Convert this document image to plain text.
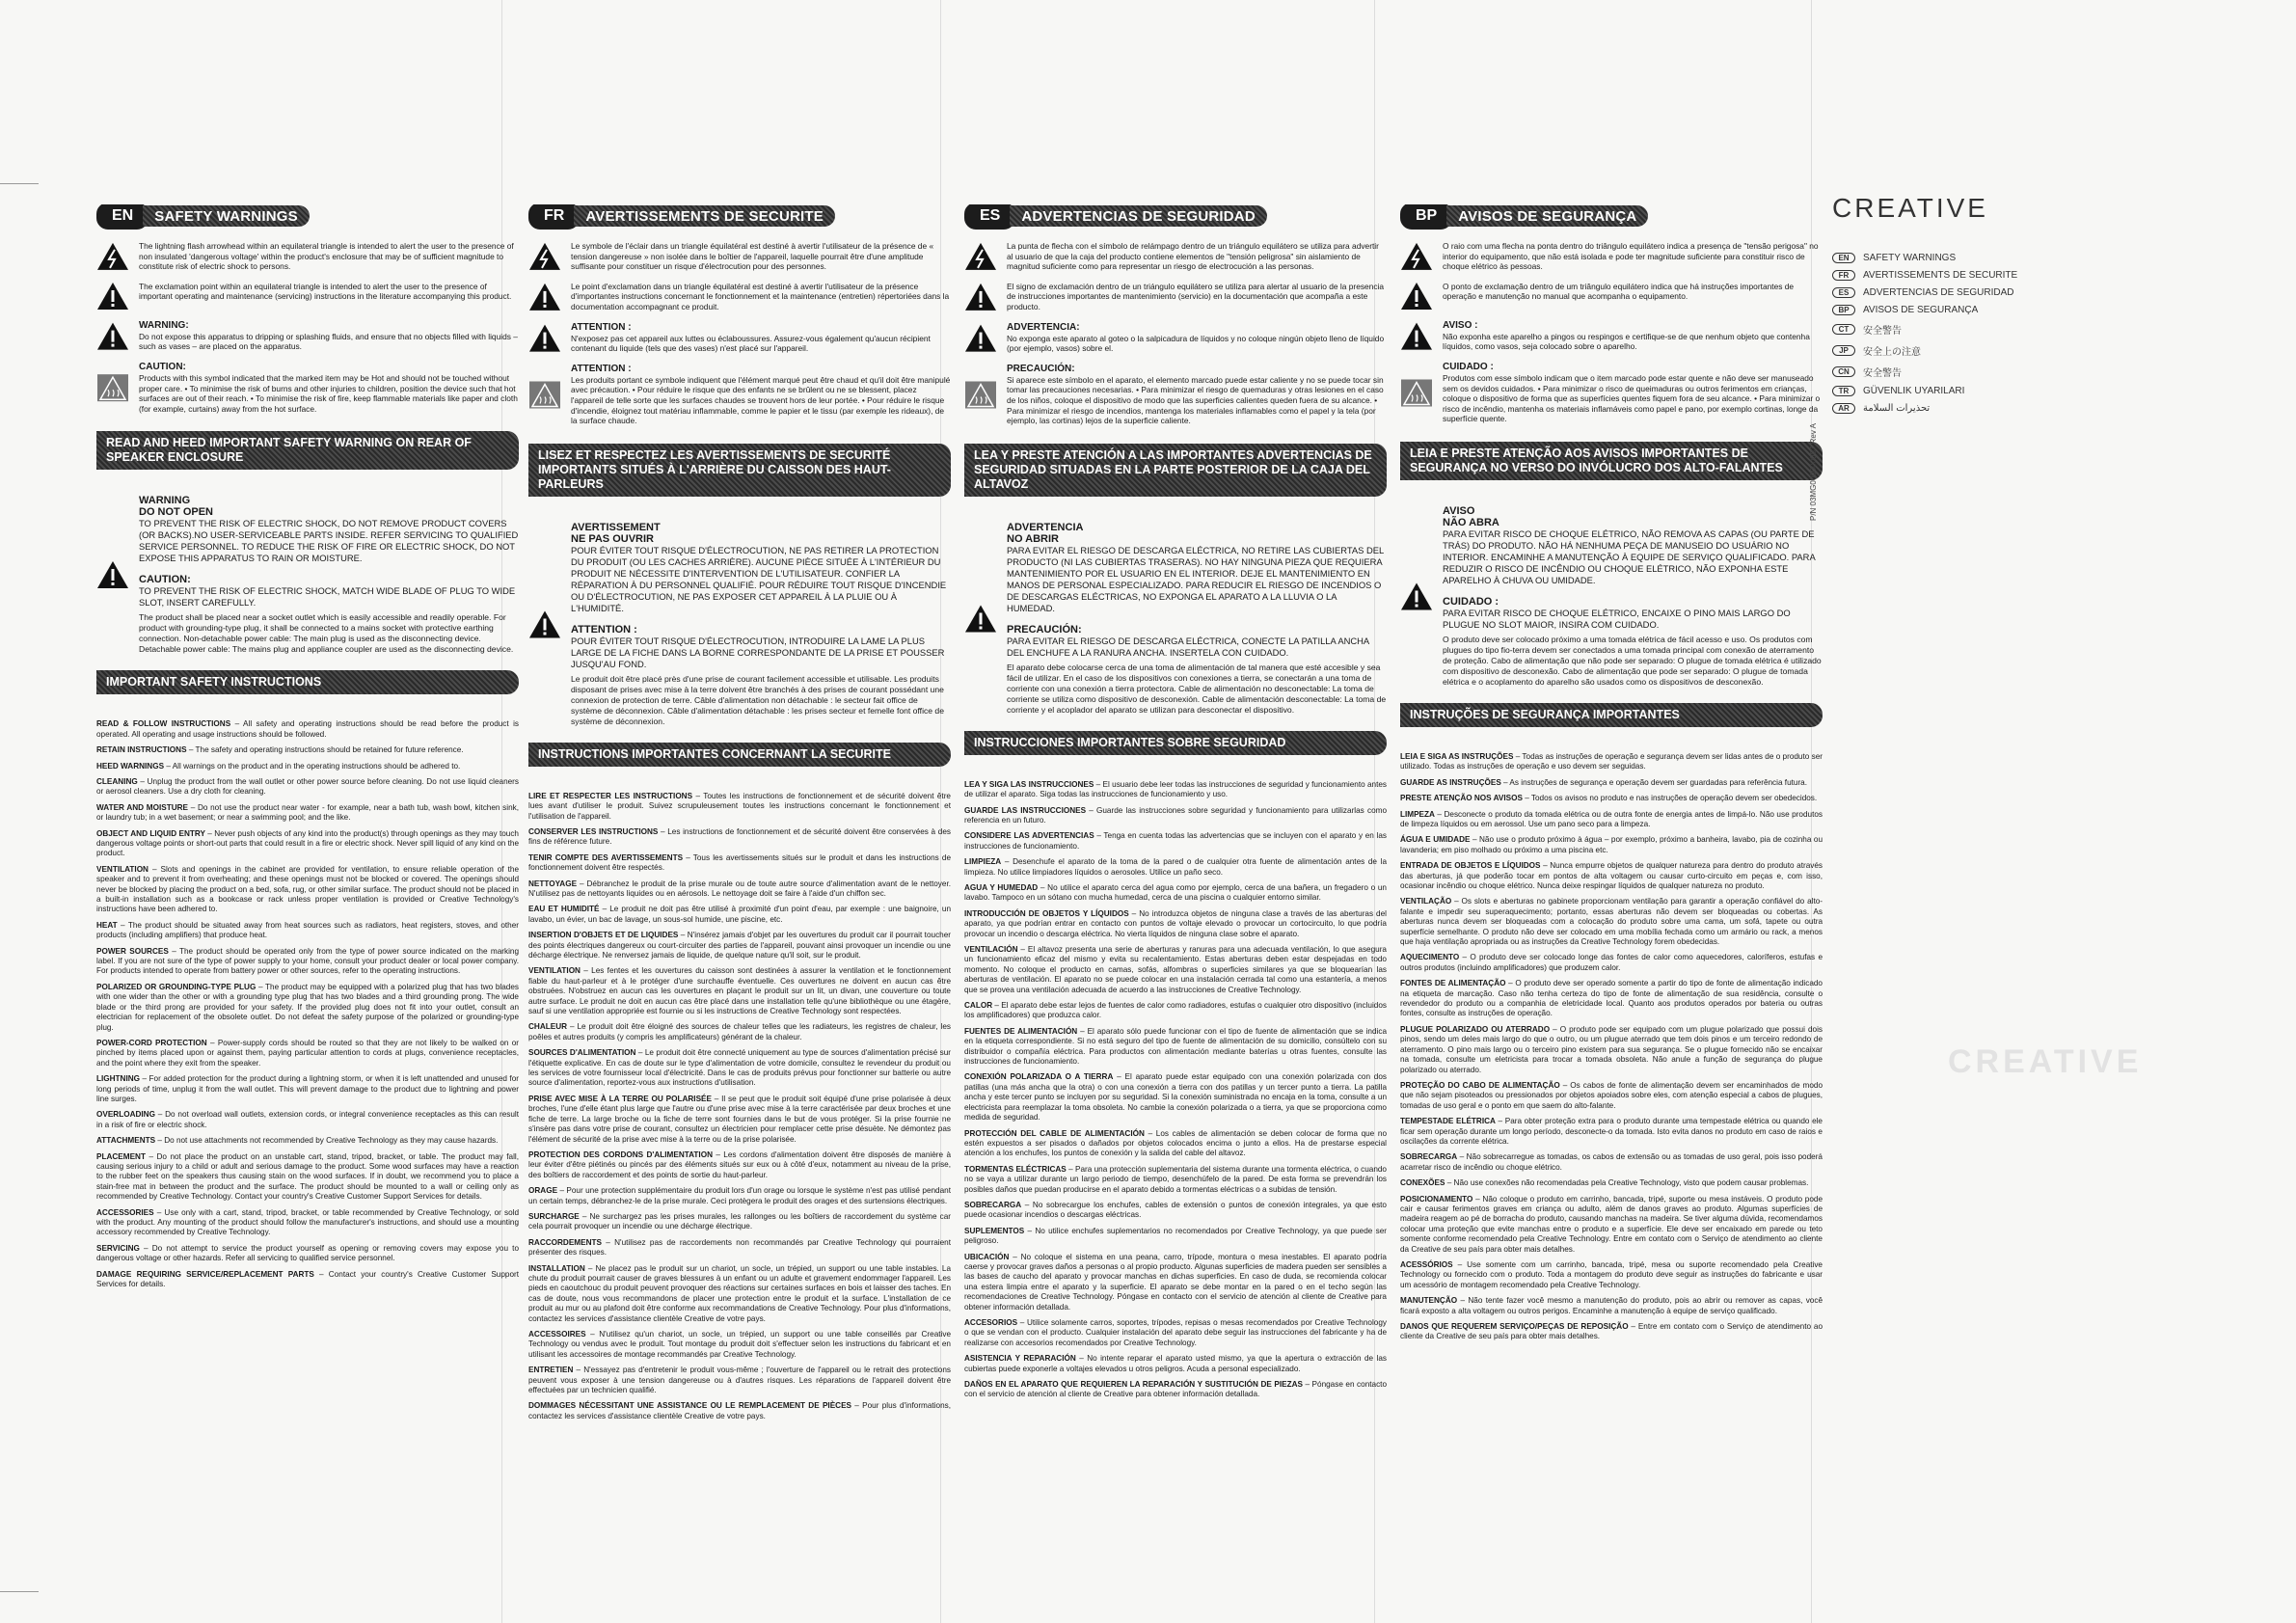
EN	SAFETY WARNINGS
The lightning flash arrowhead within an equilateral triangle is intended to alert the user to the presence of non insulated 'dangerous voltage' within the product's enclosure that may be of sufficient magnitude to constitute risk of electric shock to persons.
The exclamation point within an equilateral triangle is intended to alert the user to the presence of important operating and maintenance (servicing) instructions in the literature accompanying this product.
WARNING:
Do not expose this apparatus to dripping or splashing fluids, and ensure that no objects filled with liquids – such as vases – are placed on the apparatus.
CAUTION:
Products with this symbol indicated that the marked item may be Hot and should not be touched without proper care. • To minimise the risk of burns and other injuries to children, position the device such that hot surfaces are out of their reach. • To minimise the risk of fire, keep flammable materials like paper and cloth (for example, curtains) away from the hot surface.
READ AND HEED IMPORTANT SAFETY WARNING ON REAR OF SPEAKER ENCLOSURE
WARNING
DO NOT OPEN
TO PREVENT THE RISK OF ELECTRIC SHOCK, DO NOT REMOVE PRODUCT COVERS (OR BACKS).NO USER-SERVICEABLE PARTS INSIDE. REFER SERVICING TO QUALIFIED SERVICE PERSONNEL. TO REDUCE THE RISK OF FIRE OR ELECTRIC SHOCK, DO NOT EXPOSE THIS APPARATUS TO RAIN OR MOISTURE.
CAUTION:
TO PREVENT THE RISK OF ELECTRIC SHOCK, MATCH WIDE BLADE OF PLUG TO WIDE SLOT, INSERT CAREFULLY.
The product shall be placed near a socket outlet which is easily accessible and readily operable. For product with grounding-type plug, it shall be connected to a mains socket with protective earthing connection. Non-detachable power cable: The main plug is used as the disconnecting device. Detachable power cable: The mains plug and appliance coupler are used as the disconnecting device.
IMPORTANT SAFETY INSTRUCTIONS

READ & FOLLOW INSTRUCTIONS – All safety and operating instructions should be read before the product is operated. All operating and usage instructions should be followed.

RETAIN INSTRUCTIONS – The safety and operating instructions should be retained for future reference.

HEED WARNINGS – All warnings on the product and in the operating instructions should be adhered to.

CLEANING – Unplug the product from the wall outlet or other power source before cleaning. Do not use liquid cleaners or aerosol cleaners. Use a dry cloth for cleaning.

WATER AND MOISTURE – Do not use the product near water - for example, near a bath tub, wash bowl, kitchen sink, or laundry tub; in a wet basement; or near a swimming pool; and the like.

OBJECT AND LIQUID ENTRY – Never push objects of any kind into the product(s) through openings as they may touch dangerous voltage points or short-out parts that could result in a fire or electric shock. Never spill liquid of any kind on the product.

VENTILATION – Slots and openings in the cabinet are provided for ventilation, to ensure reliable operation of the speaker and to prevent it from overheating; and these openings must not be blocked or covered. The openings should never be blocked by placing the product on a bed, sofa, rug, or other similar surface. The product should not be placed in a built-in installation such as a bookcase or rack unless proper ventilation is provided or Creative Technology's instructions have been adhered to.

HEAT – The product should be situated away from heat sources such as radiators, heat registers, stoves, and other products (including amplifiers) that produce heat.

POWER SOURCES – The product should be operated only from the type of power source indicated on the marking label. If you are not sure of the type of power supply to your home, consult your product dealer or local power company. For products intended to operate from battery power or other sources, refer to the operating instructions.

POLARIZED OR GROUNDING-TYPE PLUG – The product may be equipped with a polarized plug that has two blades with one wider than the other or with a grounding type plug that has two blades and a third grounding prong. The wide blade or the third prong are provided for your safety. If the provided plug does not fit into your outlet, consult an electrician for replacement of the obsolete outlet. Do not defeat the safety purpose of the polarized or grounding-type plug.

POWER-CORD PROTECTION – Power-supply cords should be routed so that they are not likely to be walked on or pinched by items placed upon or against them, paying particular attention to cords at plugs, convenience receptacles, and the point where they exit from the speaker.

LIGHTNING – For added protection for the product during a lightning storm, or when it is left unattended and unused for long periods of time, unplug it from the wall outlet. This will prevent damage to the product due to lightning and power line surges.

OVERLOADING – Do not overload wall outlets, extension cords, or integral convenience receptacles as this can result in a risk of fire or electric shock.

ATTACHMENTS – Do not use attachments not recommended by Creative Technology as they may cause hazards.

PLACEMENT – Do not place the product on an unstable cart, stand, tripod, bracket, or table. The product may fall, causing serious injury to a child or adult and serious damage to the product. Some wood surfaces may have a reaction to the rubber feet on the speakers thus causing stain on the wood surfaces. If in doubt, we recommend you to place a stain-free mat in between the product and the surface. The product should be mounted to a wall or ceiling only as recommended by Creative Technology. Contact your country's Creative Customer Support Services for details.

ACCESSORIES – Use only with a cart, stand, tripod, bracket, or table recommended by Creative Technology, or sold with the product. Any mounting of the product should follow the manufacturer's instructions, and should use a mounting accessory recommended by Creative Technology.

SERVICING – Do not attempt to service the product yourself as opening or removing covers may expose you to dangerous voltage or other hazards. Refer all servicing to qualified service personnel.

DAMAGE REQUIRING SERVICE/REPLACEMENT PARTS – Contact your country's Creative Customer Support Services for details.

FR	AVERTISSEMENTS DE SECURITE
Le symbole de l'éclair dans un triangle équilatéral est destiné à avertir l'utilisateur de la présence de « tension dangereuse » non isolée dans le boîtier de l'appareil, laquelle pourrait être d'une amplitude suffisante pour constituer un risque d'électrocution pour des personnes.
Le point d'exclamation dans un triangle équilatéral est destiné à avertir l'utilisateur de la présence d'importantes instructions concernant le fonctionnement et la maintenance (entretien) répertoriées dans la documentation accompagnant ce produit.
ATTENTION :
N'exposez pas cet appareil aux luttes ou éclaboussures. Assurez-vous également qu'aucun récipient contenant du liquide (tels que des vases) n'est placé sur l'appareil.
ATTENTION :
Les produits portant ce symbole indiquent que l'élément marqué peut être chaud et qu'il doit être manipulé avec précaution. • Pour réduire le risque que des enfants ne se brûlent ou ne se blessent, placez l'appareil de telle sorte que les surfaces chaudes se trouvent hors de leur portée. • Pour réduire le risque d'incendie, éloignez tout matériau inflammable, comme le papier et le tissu (par exemple les rideaux), de la surface chaude.
LISEZ ET RESPECTEZ LES AVERTISSEMENTS DE SECURITÉ IMPORTANTS SITUÉS À L'ARRIÈRE DU CAISSON DES HAUT-PARLEURS
AVERTISSEMENT
NE PAS OUVRIR
POUR ÉVITER TOUT RISQUE D'ÉLECTROCUTION, NE PAS RETIRER LA PROTECTION DU PRODUIT (OU LES CACHES ARRIÈRE). AUCUNE PIÈCE SITUÉE À L'INTÉRIEUR DU PRODUIT NE NÉCESSITE D'INTERVENTION DE L'UTILISATEUR. CONFIER LA RÉPARATION À DU PERSONNEL QUALIFIÉ. POUR RÉDUIRE TOUT RISQUE D'INCENDIE OU D'ÉLECTROCUTION, NE PAS EXPOSER CET APPAREIL À LA PLUIE OU À L'HUMIDITÉ.
ATTENTION :
POUR ÉVITER TOUT RISQUE D'ÉLECTROCUTION, INTRODUIRE LA LAME LA PLUS LARGE DE LA FICHE DANS LA BORNE CORRESPONDANTE DE LA PRISE ET POUSSER JUSQU'AU FOND.
Le produit doit être placé près d'une prise de courant facilement accessible et utilisable. Les produits disposant de prises avec mise à la terre doivent être branchés à des prises de courant possédant une connexion de protection de terre. Câble d'alimentation non détachable : le secteur fait office de système de déconnexion. Câble d'alimentation détachable : les prises secteur et femelle font office de système de déconnexion.
INSTRUCTIONS IMPORTANTES CONCERNANT LA SECURITE

LIRE ET RESPECTER LES INSTRUCTIONS – Toutes les instructions de fonctionnement et de sécurité doivent être lues avant d'utiliser le produit. Suivez scrupuleusement toutes les instructions concernant le fonctionnement et l'utilisation de l'appareil.

CONSERVER LES INSTRUCTIONS – Les instructions de fonctionnement et de sécurité doivent être conservées à des fins de référence future.

TENIR COMPTE DES AVERTISSEMENTS – Tous les avertissements situés sur le produit et dans les instructions de fonctionnement doivent être respectés.

NETTOYAGE – Débranchez le produit de la prise murale ou de toute autre source d'alimentation avant de le nettoyer. N'utilisez pas de nettoyants liquides ou en aérosols. Le nettoyage doit se faire à l'aide d'un chiffon sec.

EAU ET HUMIDITÉ – Le produit ne doit pas être utilisé à proximité d'un point d'eau, par exemple : une baignoire, un lavabo, un évier, un bac de lavage, un sous-sol humide, une piscine, etc.

INSERTION D'OBJETS ET DE LIQUIDES – N'insérez jamais d'objet par les ouvertures du produit car il pourrait toucher des points électriques dangereux ou court-circuiter des parties de l'appareil, pouvant ainsi provoquer un incendie ou une décharge électrique. Ne renversez jamais de liquide, de quelque nature qu'il soit, sur le produit.

VENTILATION – Les fentes et les ouvertures du caisson sont destinées à assurer la ventilation et le fonctionnement fiable du haut-parleur et à le protéger d'une surchauffe éventuelle. Ces ouvertures ne doivent en aucun cas être obstruées. N'obstruez en aucun cas les ouvertures en plaçant le produit sur un lit, un divan, une couverture ou toute autre surface. Le produit ne doit en aucun cas être placé dans une installation telle qu'une bibliothèque ou une étagère, sauf si une ventilation appropriée est fournie ou si les instructions de Creative Technology sont respectées.

CHALEUR – Le produit doit être éloigné des sources de chaleur telles que les radiateurs, les registres de chaleur, les poêles et autres produits (y compris les amplificateurs) générant de la chaleur.

SOURCES D'ALIMENTATION – Le produit doit être connecté uniquement au type de sources d'alimentation précisé sur l'étiquette explicative. En cas de doute sur le type d'alimentation de votre domicile, consultez le revendeur du produit ou les services de votre fournisseur local d'électricité. Dans le cas de produits prévus pour fonctionner sur batterie ou autre source d'alimentation, reportez-vous aux instructions d'utilisation.

PRISE AVEC MISE À LA TERRE OU POLARISÉE – Il se peut que le produit soit équipé d'une prise polarisée à deux broches, l'une d'elle étant plus large que l'autre ou d'une prise avec mise à la terre caractérisée par deux broches et une fiche de terre. La large broche ou la fiche de terre sont fournies dans le but de vous protéger. Si la prise fournie ne s'insère pas dans votre prise de courant, consultez un électricien pour remplacer cette prise désuète. Ne démontez pas l'élément de sécurité de la prise avec mise à la terre ou de la prise polarisée.

PROTECTION DES CORDONS D'ALIMENTATION – Les cordons d'alimentation doivent être disposés de manière à leur éviter d'être piétinés ou pincés par des éléments situés sur eux ou à côté d'eux, notamment au niveau de la prise, des boîtiers de raccordement et des points de sortie du haut-parleur.

ORAGE – Pour une protection supplémentaire du produit lors d'un orage ou lorsque le système n'est pas utilisé pendant un certain temps, débranchez-le de la prise murale. Ceci protègera le produit des orages et des surtensions électriques.

SURCHARGE – Ne surchargez pas les prises murales, les rallonges ou les boîtiers de raccordement du système car cela pourrait provoquer un incendie ou une décharge électrique.

RACCORDEMENTS – N'utilisez pas de raccordements non recommandés par Creative Technology qui pourraient présenter des risques.

INSTALLATION – Ne placez pas le produit sur un chariot, un socle, un trépied, un support ou une table instables. La chute du produit pourrait causer de graves blessures à un enfant ou un adulte et gravement endommager l'appareil. Les pieds en caoutchouc du produit peuvent provoquer des réactions sur certaines surfaces en bois et laisser des taches. En cas de doute, nous vous recommandons de placer une protection entre le produit et la surface. L'installation de ce produit au mur ou au plafond doit être conforme aux recommandations de Creative Technology. Pour plus d'informations, contactez les services d'assistance clientèle Creative de votre pays.

ACCESSOIRES – N'utilisez qu'un chariot, un socle, un trépied, un support ou une table conseillés par Creative Technology ou vendus avec le produit. Tout montage du produit doit s'effectuer selon les instructions du fabricant et en utilisant les accessoires de montage recommandés par Creative Technology.

ENTRETIEN – N'essayez pas d'entretenir le produit vous-même ; l'ouverture de l'appareil ou le retrait des protections peuvent vous exposer à une tension dangereuse ou à d'autres risques. Les réparations de l'appareil doivent être effectuées par un technicien qualifié.

DOMMAGES NÉCESSITANT UNE ASSISTANCE OU LE REMPLACEMENT DE PIÈCES – Pour plus d'informations, contactez les services d'assistance clientèle Creative de votre pays.

ES	ADVERTENCIAS DE SEGURIDAD
La punta de flecha con el símbolo de relámpago dentro de un triángulo equilátero se utiliza para advertir al usuario de que la caja del producto contiene elementos de "tensión peligrosa" sin aislamiento de magnitud suficiente como para representar un riesgo de electrocución a las personas.
El signo de exclamación dentro de un triángulo equilátero se utiliza para alertar al usuario de la presencia de instrucciones importantes de mantenimiento (servicio) en la documentación que acompaña a este producto.
ADVERTENCIA:
No exponga este aparato al goteo o la salpicadura de líquidos y no coloque ningún objeto lleno de líquido (por ejemplo, vasos) sobre el.
PRECAUCIÓN:
Si aparece este símbolo en el aparato, el elemento marcado puede estar caliente y no se puede tocar sin tomar las precauciones necesarias. • Para minimizar el riesgo de quemaduras y otras lesiones en el caso de los niños, coloque el dispositivo de modo que las superficies calientes queden fuera de su alcance. • Para minimizar el riesgo de incendios, mantenga los materiales inflamables como el papel y la tela (por ejemplo, las cortinas) lejos de la superficie caliente.
LEA Y PRESTE ATENCIÓN A LAS IMPORTANTES ADVERTENCIAS DE SEGURIDAD SITUADAS EN LA PARTE POSTERIOR DE LA CAJA DEL ALTAVOZ
ADVERTENCIA
NO ABRIR
PARA EVITAR EL RIESGO DE DESCARGA ELÉCTRICA, NO RETIRE LAS CUBIERTAS DEL PRODUCTO (NI LAS CUBIERTAS TRASERAS). NO HAY NINGUNA PIEZA QUE REQUIERA MANTENIMIENTO POR EL USUARIO EN EL INTERIOR. DEJE EL MANTENIMIENTO EN MANOS DE PERSONAL ESPECIALIZADO. PARA REDUCIR EL RIESGO DE INCENDIOS O DE DESCARGAS ELÉCTRICAS, NO EXPONGA EL APARATO A LA LLUVIA O LA HUMEDAD.
PRECAUCIÓN:
PARA EVITAR EL RIESGO DE DESCARGA ELÉCTRICA, CONECTE LA PATILLA ANCHA DEL ENCHUFE A LA RANURA ANCHA. INSERTELA CON CUIDADO.
El aparato debe colocarse cerca de una toma de alimentación de tal manera que esté accesible y sea fácil de utilizar. En el caso de los dispositivos con conexiones a tierra, se conectarán a una toma de corriente con una conexión a tierra protectora. Cable de alimentación no desconectable: La toma de corriente se utiliza como dispositivo de desconexión. Cable de alimentación desconectable: La toma de corriente y el acoplador del aparato se utilizan para desconectar el dispositivo.
INSTRUCCIONES IMPORTANTES SOBRE SEGURIDAD

LEA Y SIGA LAS INSTRUCCIONES – El usuario debe leer todas las instrucciones de seguridad y funcionamiento antes de utilizar el aparato. Siga todas las instrucciones de funcionamiento y uso.

GUARDE LAS INSTRUCCIONES – Guarde las instrucciones sobre seguridad y funcionamiento para utilizarlas como referencia en un futuro.

CONSIDERE LAS ADVERTENCIAS – Tenga en cuenta todas las advertencias que se incluyen con el aparato y en las instrucciones de funcionamiento.

LIMPIEZA – Desenchufe el aparato de la toma de la pared o de cualquier otra fuente de alimentación antes de la limpieza. No utilice limpiadores líquidos o aerosoles. Utilice un paño seco.

AGUA Y HUMEDAD – No utilice el aparato cerca del agua como por ejemplo, cerca de una bañera, un fregadero o un lavabo. Tampoco en un sótano con mucha humedad, cerca de una piscina o cualquier entorno similar.

INTRODUCCIÓN DE OBJETOS Y LÍQUIDOS – No introduzca objetos de ninguna clase a través de las aberturas del aparato, ya que podrían entrar en contacto con puntos de voltaje elevado o provocar un cortocircuito, lo que podría provocar un incendio o descarga eléctrica. No vierta líquidos de ninguna clase sobre el aparato.

VENTILACIÓN – El altavoz presenta una serie de aberturas y ranuras para una adecuada ventilación, lo que asegura un funcionamiento eficaz del mismo y evita su recalentamiento. Estas aberturas deben estar despejadas en todo momento. No coloque el producto en camas, sofás, alfombras o superficies similares ya que se bloquearían las aberturas de ventilación. El aparato no se puede colocar en una instalación cerrada tal como una estantería, a menos que se provea una ventilación adecuada de acuerdo a las instrucciones de Creative Technology.

CALOR – El aparato debe estar lejos de fuentes de calor como radiadores, estufas o cualquier otro dispositivo (incluidos los amplificadores) que produzca calor.

FUENTES DE ALIMENTACIÓN – El aparato sólo puede funcionar con el tipo de fuente de alimentación que se indica en la etiqueta correspondiente. Si no está seguro del tipo de fuente de alimentación de su domicilio, consúltelo con su distribuidor o compañía eléctrica. Para productos con alimentación mediante baterías u otras fuentes, consulte las instrucciones de funcionamiento.

CONEXIÓN POLARIZADA O A TIERRA – El aparato puede estar equipado con una conexión polarizada con dos patillas (una más ancha que la otra) o con una conexión a tierra con dos patillas y un tercer punto a tierra. La patilla ancha y este tercer punto se incluyen por su seguridad. Si la conexión suministrada no encaja en la toma, consulte a un electricista para reemplazar la toma obsoleta. No cambie la conexión polarizada o a tierra, ya que se proporciona como medida de seguridad.

PROTECCIÓN DEL CABLE DE ALIMENTACIÓN – Los cables de alimentación se deben colocar de forma que no estén expuestos a ser pisados o dañados por objetos colocados encima o junto a ellos. Ha de prestarse especial atención a los enchufes, los puntos de conexión y la salida del cable del altavoz.

TORMENTAS ELÉCTRICAS – Para una protección suplementaria del sistema durante una tormenta eléctrica, o cuando no se vaya a utilizar durante un largo periodo de tiempo, desenchúfelo de la pared. De esta forma se prevendrán los posibles daños que puedan producirse en el aparato debido a tormentas eléctricas o a subidas de tensión.

SOBRECARGA – No sobrecargue los enchufes, cables de extensión o puntos de conexión integrales, ya que esto puede ocasionar incendios o descargas eléctricas.

SUPLEMENTOS – No utilice enchufes suplementarios no recomendados por Creative Technology, ya que puede ser peligroso.

UBICACIÓN – No coloque el sistema en una peana, carro, trípode, montura o mesa inestables. El aparato podría caerse y provocar graves daños a personas o al propio producto. Algunas superficies de madera pueden ser sensibles a las bases de caucho del aparato y provocar manchas en dichas superficies. En caso de duda, se recomienda colocar una estera limpia entre el aparato y la superficie. El aparato se debe montar en la pared o en el techo según las recomendaciones de Creative Technology. Póngase en contacto con el servicio de atención al cliente de Creative para obtener información detallada.

ACCESORIOS – Utilice solamente carros, soportes, trípodes, repisas o mesas recomendados por Creative Technology o que se vendan con el producto. Cualquier instalación del aparato debe seguir las instrucciones del fabricante y ha de realizarse con accesorios recomendados por Creative Technology.

ASISTENCIA Y REPARACIÓN – No intente reparar el aparato usted mismo, ya que la apertura o extracción de las cubiertas puede exponerle a voltajes elevados u otros peligros. Acuda a personal especializado.

DAÑOS EN EL APARATO QUE REQUIEREN LA REPARACIÓN Y SUSTITUCIÓN DE PIEZAS – Póngase en contacto con el servicio de atención al cliente de Creative para obtener información detallada.

BP	AVISOS DE SEGURANÇA
O raio com uma flecha na ponta dentro do triângulo equilátero indica a presença de "tensão perigosa" no interior do equipamento, que não está isolada e pode ter magnitude suficiente para constituir risco de choque elétrico às pessoas.
O ponto de exclamação dentro de um triângulo equilátero indica que há instruções importantes de operação e manutenção no manual que acompanha o equipamento.
AVISO :
Não exponha este aparelho a pingos ou respingos e certifique-se de que nenhum objeto que contenha líquidos, como vasos, seja colocado sobre o aparelho.
CUIDADO :
Produtos com esse símbolo indicam que o item marcado pode estar quente e não deve ser manuseado sem os devidos cuidados. • Para minimizar o risco de queimaduras ou outros ferimentos em crianças, coloque o dispositivo de forma que as superfícies quentes fiquem fora de seu alcance. • Para minimizar o risco de incêndio, mantenha os materiais inflamáveis como papel e pano, por exemplo cortinas, longe da superfície quente.
LEIA E PRESTE ATENÇÃO AOS AVISOS IMPORTANTES DE SEGURANÇA NO VERSO DO INVÓLUCRO DOS ALTO-FALANTES
AVISO
NÃO ABRA
PARA EVITAR RISCO DE CHOQUE ELÉTRICO, NÃO REMOVA AS CAPAS (OU PARTE DE TRÁS) DO PRODUTO. NÃO HÁ NENHUMA PEÇA DE MANUSEIO DO USUÁRIO NO INTERIOR. ENCAMINHE A MANUTENÇÃO À EQUIPE DE SERVIÇO QUALIFICADO. PARA REDUZIR O RISCO DE INCÊNDIO OU CHOQUE ELÉTRICO, NÃO EXPONHA ESTE APARELHO À CHUVA OU UMIDADE.
CUIDADO :
PARA EVITAR RISCO DE CHOQUE ELÉTRICO, ENCAIXE O PINO MAIS LARGO DO PLUGUE NO SLOT MAIOR, INSIRA COM CUIDADO.
O produto deve ser colocado próximo a uma tomada elétrica de fácil acesso e uso. Os produtos com plugues do tipo fio-terra devem ser conectados a uma tomada principal com conexão de aterramento de proteção. Cabo de alimentação que não pode ser separado: O plugue de tomada elétrica é utilizado com dispositivo de desconexão. Cabo de alimentação que pode ser separado: O plugue de tomada elétrica e o acoplamento do aparelho são usados como os dispositivos de desconexão.
INSTRUÇÕES DE SEGURANÇA IMPORTANTES

LEIA E SIGA AS INSTRUÇÕES – Todas as instruções de operação e segurança devem ser lidas antes de o produto ser utilizado. Todas as instruções de operação e uso devem ser seguidas.

GUARDE AS INSTRUÇÕES – As instruções de segurança e operação devem ser guardadas para referência futura.

PRESTE ATENÇÃO NOS AVISOS – Todos os avisos no produto e nas instruções de operação devem ser obedecidos.

LIMPEZA – Desconecte o produto da tomada elétrica ou de outra fonte de energia antes de limpá-lo. Não use produtos de limpeza líquidos ou em aerossol. Use um pano seco para a limpeza.

ÁGUA E UMIDADE – Não use o produto próximo à água – por exemplo, próximo a banheira, lavabo, pia de cozinha ou lavanderia; em piso molhado ou próximo a uma piscina etc.

ENTRADA DE OBJETOS E LÍQUIDOS – Nunca empurre objetos de qualquer natureza para dentro do produto através das aberturas, já que poderão tocar em pontos de alta voltagem ou causar curto-circuito em peças e, com isso, ocasionar incêndio ou choque elétrico. Nunca deixe respingar líquidos de qualquer natureza no produto.

VENTILAÇÃO – Os slots e aberturas no gabinete proporcionam ventilação para garantir a operação confiável do alto-falante e impedir seu superaquecimento; portanto, essas aberturas não devem ser bloqueadas ou cobertas. As aberturas nunca devem ser bloqueadas com a colocação do produto sobre uma cama, um sofá, tapete ou outra superfície semelhante. O produto não deve ser colocado em uma mobília fechada como um armário ou rack, a menos que haja ventilação apropriada ou as instruções da Creative Technology forem obedecidas.

AQUECIMENTO – O produto deve ser colocado longe das fontes de calor como aquecedores, caloríferos, estufas e outros produtos (incluindo amplificadores) que produzem calor.

FONTES DE ALIMENTAÇÃO – O produto deve ser operado somente a partir do tipo de fonte de alimentação indicado na etiqueta de marcação. Caso não tenha certeza do tipo de fonte de alimentação de sua residência, consulte o revendedor do produto ou a companhia de eletricidade local. Quanto aos produtos operados por bateria ou outras fontes, consulte as instruções de operação.

PLUGUE POLARIZADO OU ATERRADO – O produto pode ser equipado com um plugue polarizado que possui dois pinos, sendo um deles mais largo do que o outro, ou um plugue aterrado que tem dois pinos e um terceiro redondo de aterramento. O pino mais largo ou o terceiro pino existem para sua segurança. Se o plugue fornecido não se encaixar na tomada, consulte um eletricista para trocar a tomada obsoleta. Não anule a função de segurança do plugue polarizado ou aterrado.

PROTEÇÃO DO CABO DE ALIMENTAÇÃO – Os cabos de fonte de alimentação devem ser encaminhados de modo que não sejam pisoteados ou pressionados por objetos apoiados sobre eles, com atenção especial a cabos de plugues, tomadas de uso geral e o ponto em que saem do alto-falante.

TEMPESTADE ELÉTRICA – Para obter proteção extra para o produto durante uma tempestade elétrica ou quando ele ficar sem operação durante um longo período, desconecte-o da tomada. Isto evita danos no produto em caso de raios e oscilações da corrente elétrica.

SOBRECARGA – Não sobrecarregue as tomadas, os cabos de extensão ou as tomadas de uso geral, pois isso poderá acarretar risco de incêndio ou choque elétrico.

CONEXÕES – Não use conexões não recomendadas pela Creative Technology, visto que podem causar problemas.

POSICIONAMENTO – Não coloque o produto em carrinho, bancada, tripé, suporte ou mesa instáveis. O produto pode cair e causar ferimentos graves em criança ou adulto, além de danos graves ao produto. Algumas superfícies de madeira reagem ao pé de borracha do produto, causando manchas na madeira. Se tiver alguma dúvida, recomendamos colocar uma proteção que evite manchas entre o produto e a superfície. Ele deve ser encaixado em parede ou teto somente conforme recomendado pela Creative Technology. Entre em contato com o Serviço de atendimento ao cliente da Creative de seu país para obter mais detalhes.

ACESSÓRIOS – Use somente com um carrinho, bancada, tripé, mesa ou suporte recomendado pela Creative Technology ou fornecido com o produto. Toda a montagem do produto deve seguir as instruções do fabricante e usar um acessório de montagem recomendado pela Creative Technology.

MANUTENÇÃO – Não tente fazer você mesmo a manutenção do produto, pois ao abrir ou remover as capas, você ficará exposto a alta voltagem ou outros perigos. Encaminhe a manutenção à equipe de serviço qualificado.

DANOS QUE REQUEREM SERVIÇO/PEÇAS DE REPOSIÇÃO – Entre em contato com o Serviço de atendimento ao cliente da Creative de seu país para obter mais detalhes.

CREATIVE
EN	SAFETY WARNINGS
FR	AVERTISSEMENTS DE SECURITE
ES	ADVERTENCIAS DE SEGURIDAD
BP	AVISOS DE SEGURANÇA
CT	安全警告
JP	安全上の注意
CN	安全警告
TR	GÜVENLIK UYARILARI
AR	تحذيرات السلامة
P/N 03MG000000087 Rev A
CREATIVE
